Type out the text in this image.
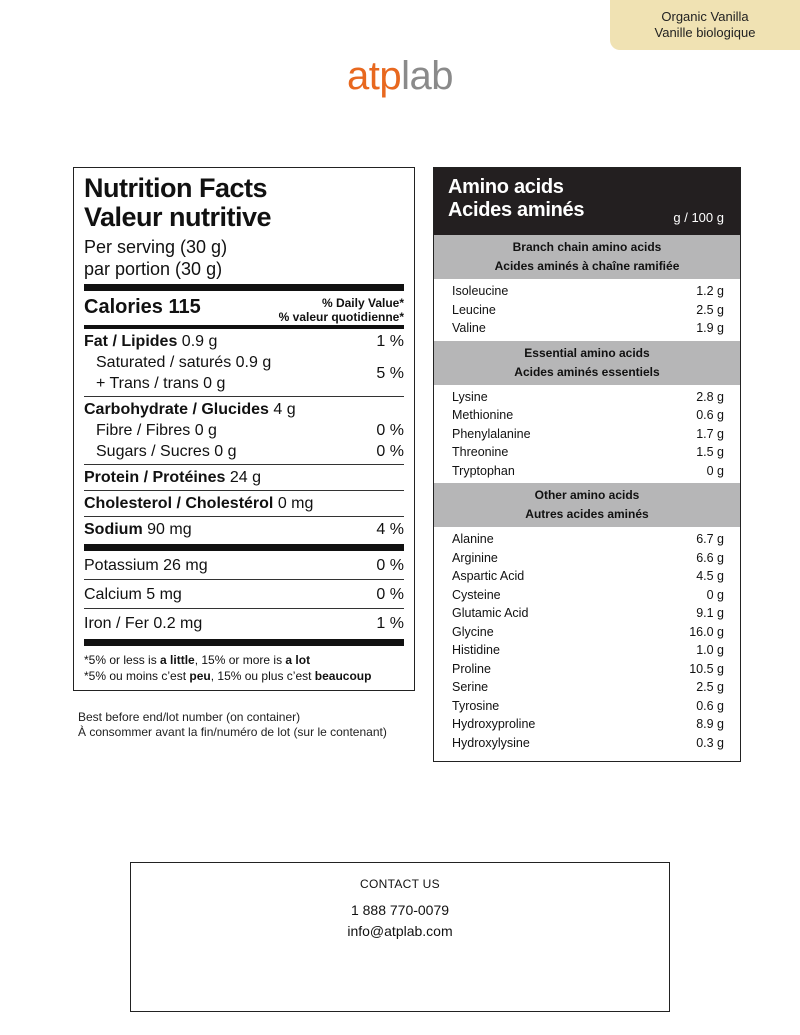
Organic Vanilla
Vanille biologique
atplab
Nutrition Facts
Valeur nutritive
Per serving (30 g)
par portion (30 g)
Calories 115	% Daily Value*
% valeur quotidienne*
Fat / Lipides 0.9 g	1 %
Saturated / saturés 0.9 g
+ Trans / trans 0 g
5 %
Carbohydrate / Glucides 4 g
Fibre / Fibres 0 g	0 %
Sugars / Sucres 0 g	0 %
Protein / Protéines 24 g
Cholesterol / Cholestérol 0 mg
Sodium 90 mg	4 %
Potassium 26 mg	0 %
Calcium 5 mg	0 %
Iron / Fer 0.2 mg	1 %
*5% or less is a little, 15% or more is a lot
*5% ou moins c’est peu, 15% ou plus c’est beaucoup
Best before end/lot number (on container)
À consommer avant la fin/numéro de lot (sur le contenant)
Amino acids
Acides aminés	g / 100 g
Branch chain amino acids
Acides aminés à chaîne ramifiée
Isoleucine	1.2 g
Leucine	2.5 g
Valine	1.9 g
Essential amino acids
Acides aminés essentiels
Lysine	2.8 g
Methionine	0.6 g
Phenylalanine	1.7 g
Threonine	1.5 g
Tryptophan	0 g
Other amino acids
Autres acides aminés
Alanine	6.7 g
Arginine	6.6 g
Aspartic Acid	4.5 g
Cysteine	0 g
Glutamic Acid	9.1 g
Glycine	16.0 g
Histidine	1.0 g
Proline	10.5 g
Serine	2.5 g
Tyrosine	0.6 g
Hydroxyproline	8.9 g
Hydroxylysine	0.3 g
CONTACT US
1 888 770-0079
info@atplab.com
